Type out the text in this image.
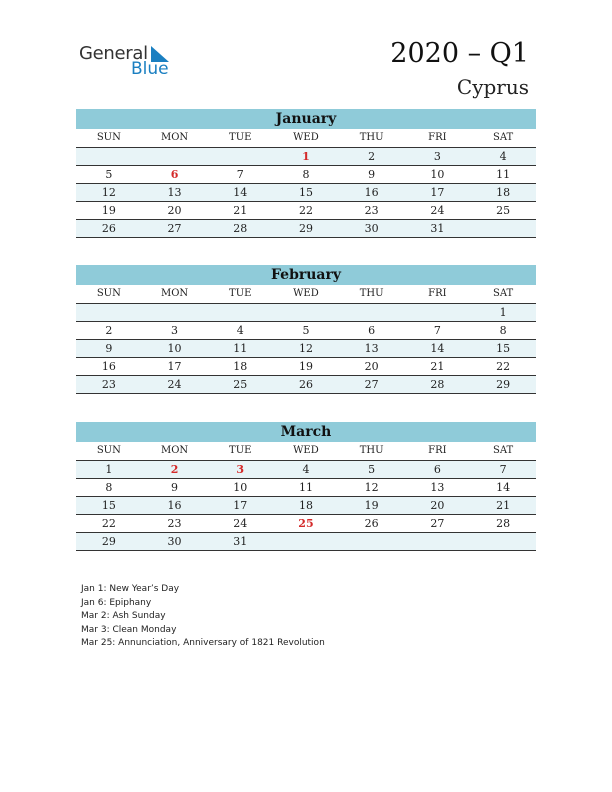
General
Blue	2020 – Q1
Cyprus
January
SUN	MON	TUE	WED	THU	FRI	SAT
			1	2	3	4
5	6	7	8	9	10	11
12	13	14	15	16	17	18
19	20	21	22	23	24	25
26	27	28	29	30	31	
February
SUN	MON	TUE	WED	THU	FRI	SAT
						1
2	3	4	5	6	7	8
9	10	11	12	13	14	15
16	17	18	19	20	21	22
23	24	25	26	27	28	29
March
SUN	MON	TUE	WED	THU	FRI	SAT
1	2	3	4	5	6	7
8	9	10	11	12	13	14
15	16	17	18	19	20	21
22	23	24	25	26	27	28
29	30	31				
Jan 1: New Year’s Day
Jan 6: Epiphany
Mar 2: Ash Sunday
Mar 3: Clean Monday
Mar 25: Annunciation, Anniversary of 1821 Revolution
